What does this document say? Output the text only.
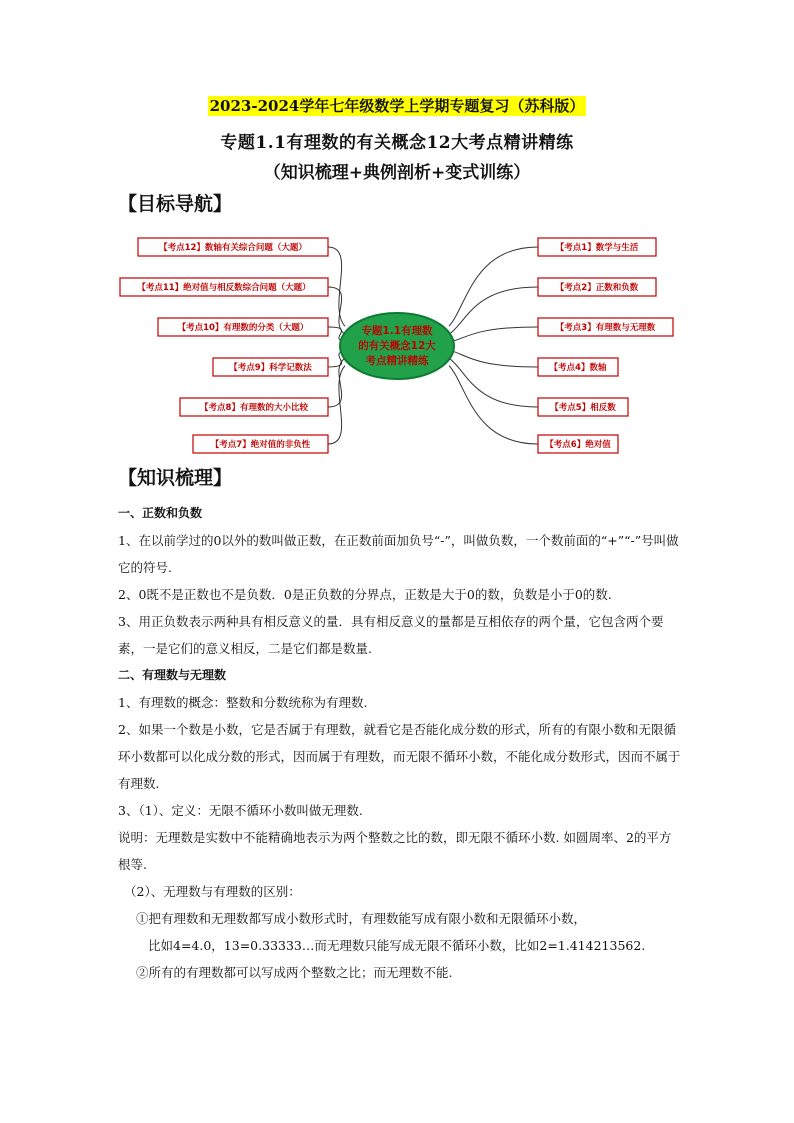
2023-2024学年七年级数学上学期专题复习（苏科版）
专题1.1有理数的有关概念12大考点精讲精练
（知识梳理+典例剖析+变式训练）
【目标导航】
【考点12】数轴有关综合问题（大题）
【考点11】绝对值与相反数综合问题（大题）
【考点10】有理数的分类（大题）
【考点9】科学记数法
【考点8】有理数的大小比较
【考点7】绝对值的非负性
【考点1】数学与生活
【考点2】正数和负数
【考点3】有理数与无理数
【考点4】数轴
【考点5】相反数
【考点6】绝对值
专题1.1有理数
的有关概念12大
考点精讲精练
【知识梳理】

一、正数和负数

1、在以前学过的0以外的数叫做正数，在正数前面加负号“-”，叫做负数，一个数前面的“+”“-”号叫做它的符号.

2、0既不是正数也不是负数．0是正负数的分界点，正数是大于0的数，负数是小于0的数.

3、用正负数表示两种具有相反意义的量．具有相反意义的量都是互相依存的两个量，它包含两个要素，一是它们的意义相反，二是它们都是数量.

二、有理数与无理数

1、有理数的概念：整数和分数统称为有理数.

2、如果一个数是小数，它是否属于有理数，就看它是否能化成分数的形式，所有的有限小数和无限循环小数都可以化成分数的形式，因而属于有理数，而无限不循环小数，不能化成分数形式，因而不属于有理数.

3、（1）、定义：无限不循环小数叫做无理数.

说明：无理数是实数中不能精确地表示为两个整数之比的数，即无限不循环小数. 如圆周率、2的平方根等.

（2）、无理数与有理数的区别：

①把有理数和无理数都写成小数形式时，有理数能写成有限小数和无限循环小数，

比如4=4.0，13=0.33333…而无理数只能写成无限不循环小数，比如2=1.414213562.

②所有的有理数都可以写成两个整数之比；而无理数不能.
